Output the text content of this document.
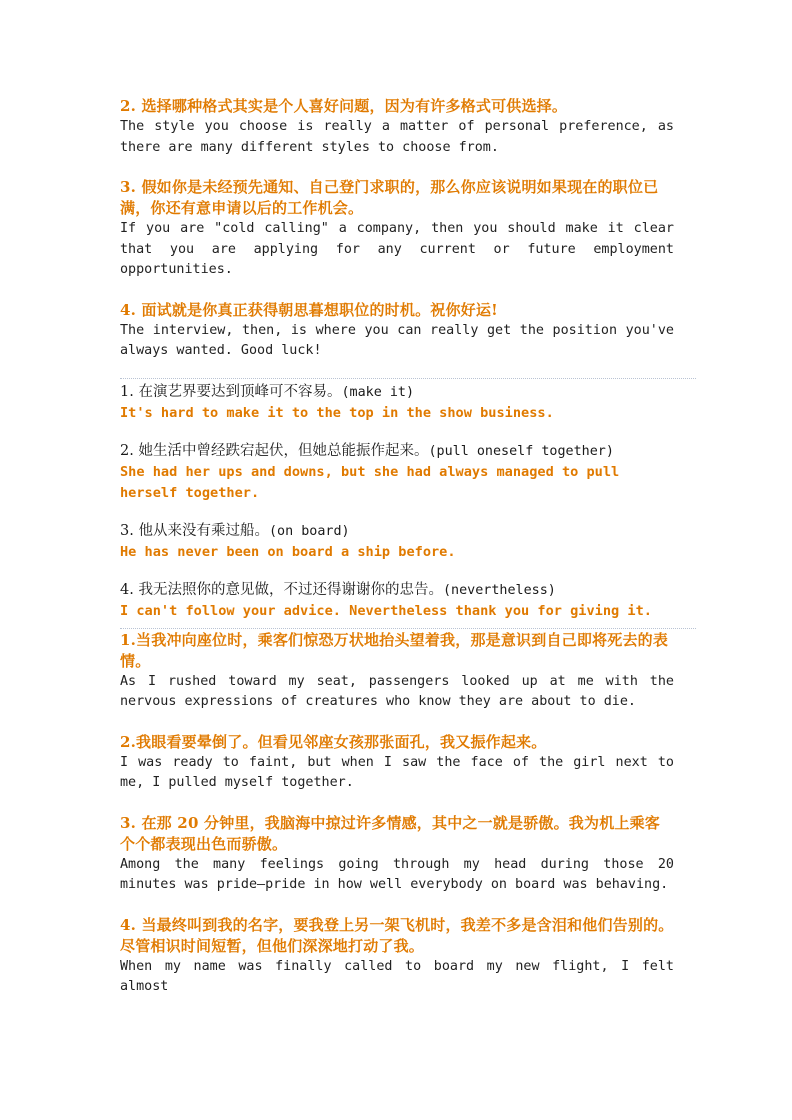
2. 选择哪种格式其实是个人喜好问题，因为有许多格式可供选择。

The style you choose is really a matter of personal preference, as there are many different styles to choose from.

3. 假如你是未经预先通知、自己登门求职的，那么你应该说明如果现在的职位已满，你还有意申请以后的工作机会。

If you are "cold calling" a company, then you should make it clear that you are applying for any current or future employment opportunities.

4. 面试就是你真正获得朝思暮想职位的时机。祝你好运!

The interview, then, is where you can really get the position you've always wanted. Good luck!

1. 在演艺界要达到顶峰可不容易。(make it)

It's hard to make it to the top in the show business.

2. 她生活中曾经跌宕起伏，但她总能振作起来。(pull oneself together)

She had her ups and downs, but she had always managed to pull herself together.

3. 他从来没有乘过船。(on board)

He has never been on board a ship before.

4. 我无法照你的意见做，不过还得谢谢你的忠告。(nevertheless)

I can't follow your advice. Nevertheless thank you for giving it.

1.当我冲向座位时，乘客们惊恐万状地抬头望着我，那是意识到自己即将死去的表情。

As I rushed toward my seat, passengers looked up at me with the nervous expressions of creatures who know they are about to die.

2.我眼看要晕倒了。但看见邻座女孩那张面孔，我又振作起来。

I was ready to faint, but when I saw the face of the girl next to me, I pulled myself together.

3. 在那 20 分钟里，我脑海中掠过许多情感，其中之一就是骄傲。我为机上乘客个个都表现出色而骄傲。

Among the many feelings going through my head during those 20 minutes was pride—pride in how well everybody on board was behaving.

4. 当最终叫到我的名字，要我登上另一架飞机时，我差不多是含泪和他们告别的。尽管相识时间短暂，但他们深深地打动了我。

When my name was finally called to board my new flight, I felt almost
